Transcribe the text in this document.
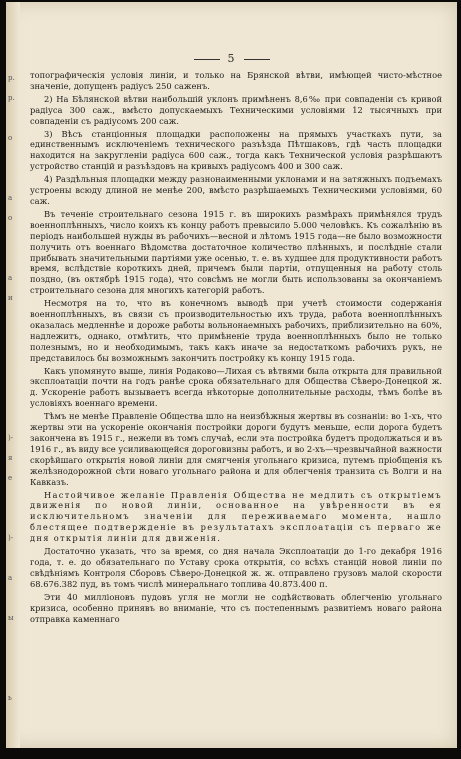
р.
р.
о
а
о
а
и
)-
я
е
)-
а
ы
ь
5

топографическія условія линіи, и только на Брянской вѣтви, имѣющей чисто-мѣстное значеніе, допущенъ радіусъ 250 саженъ.

2) На Бѣлянской вѣтви наибольшій уклонъ примѣненъ 8,6‰ при совпаденіи съ кривой радіуса 300 саж., вмѣсто допускаемыхъ Техническими условіями 12 тысячныхъ при совпаденіи съ радіусомъ 200 саж.

3) Вѣсъ станціонныя площадки расположены на прямыхъ участкахъ пути, за единственнымъ исключеніемъ технического разъѣзда Пѣтшаковъ, гдѣ часть площадки находится на закругленіи радіуса 600 саж., тогда какъ Технической условія разрѣшаютъ устройство станцій и разъѣздовъ на кривыхъ радіусомъ 400 и 300 саж.

4) Раздѣльныя площадки между разнонаименными уклонами и на затяжныхъ подъемахъ устроены всюду длиной не менѣе 200, вмѣсто разрѣшаемыхъ Техническими условіями, 60 саж.

Въ теченіе строительнаго сезона 1915 г. въ широкихъ размѣрахъ примѣнялся трудъ военноплѣнныхъ, число коихъ къ концу работъ превысило 5.000 человѣкъ. Къ сожалѣнію въ періодъ наибольшей нужды въ рабочихъ—весной и лѣтомъ 1915 года—не было возможности получить отъ военнаго Вѣдомства достаточное количество плѣнныхъ, и послѣдніе стали прибывать значительными партіями уже осенью, т. е. въ худшее для продуктивности работъ время, вслѣдствіе короткихъ дней, причемъ были партіи, отпущенныя на работу столь поздно, (въ октябрѣ 1915 года), что совсѣмъ не могли быть использованы за окончаніемъ строительнаго сезона для многихъ категорій работъ.

Несмотря на то, что въ конечномъ выводѣ при учетѣ стоимости содержанія военноплѣнныхъ, въ связи съ производительностью ихъ труда, работа военноплѣнныхъ оказалась медленнѣе и дороже работы вольнонаемныхъ рабочихъ, приблизительно на 60%, надлежитъ, однако, отмѣтить, что примѣненіе труда военноплѣнныхъ было не только полезнымъ, но и необходимымъ, такъ какъ иначе за недостаткомъ рабочихъ рукъ, не представилось бы возможнымъ закончить постройку къ концу 1915 года.

Какъ упомянуто выше, линія Родаково—Лихая съ вѣтвями была открыта для правильной эксплоатаціи почти на годъ ранѣе срока обязательнаго для Общества Сѣверо-Донецкой ж. д. Ускореніе работъ вызываетъ всегда нѣкоторые дополнительные расходы, тѣмъ болѣе въ условіяхъ военнаго времени.

Тѣмъ не менѣе Правленіе Общества шло на неизбѣжныя жертвы въ сознаніи: во 1-хъ, что жертвы эти на ускореніе окончанія постройки дороги будутъ меньше, если дорога будетъ закончена въ 1915 г., нежели въ томъ случаѣ, если эта постройка будетъ продолжаться и въ 1916 г., въ виду все усиливающейся дороговизны работъ, и во 2-хъ—чрезвычайной важности скорѣйшаго открытія новой линіи для смягченія угольнаго кризиса, путемъ пріобщенія къ желѣзнодорожной сѣти новаго угольнаго района и для облегченія транзита съ Волги и на Кавказъ.

Настойчивое желаніе Правленія Общества не медлить съ открытіемъ движенія по новой линіи, основанное на увѣренности въ ея исключительномъ значеніи для переживаемаго момента, нашло блестящее подтвержденіе въ результатахъ эксплоатаціи съ перваго же дня открытія линіи для движенія.

Достаточно указать, что за время, со дня начала Эксплоатаціи до 1-го декабря 1916 года, т. е. до обязательнаго по Уставу срока открытія, со всѣхъ станцій новой линіи по свѣдѣніямъ Контроля Сборовъ Сѣверо-Донецкой ж. ж. отправлено грузовъ малой скорости 68.676.382 пуд, въ томъ числѣ минеральнаго топлива 40.873.400 п.

Эти 40 милліоновъ пудовъ угля не могли не содѣйствовать облегченію угольнаго кризиса, особенно принявъ во вниманіе, что съ постепеннымъ развитіемъ новаго района отправка каменнаго
